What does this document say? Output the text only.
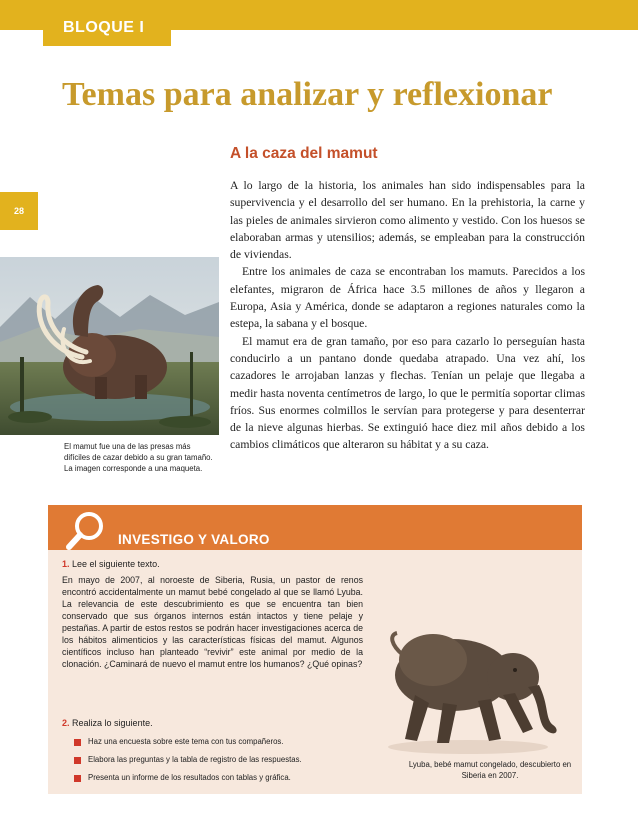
BLOQUE I
Temas para analizar y reflexionar
28
A la caza del mamut

A lo largo de la historia, los animales han sido indispensables para la supervivencia y el desarrollo del ser humano. En la prehistoria, la carne y las pieles de animales sirvieron como alimento y vestido. Con los huesos se elaboraban armas y utensilios; además, se empleaban para la construcción de viviendas.

Entre los animales de caza se encontraban los mamuts. Parecidos a los elefantes, migraron de África hace 3.5 millones de años y llegaron a Europa, Asia y América, donde se adaptaron a regiones naturales como la estepa, la sabana y el bosque.

El mamut era de gran tamaño, por eso para cazarlo lo perseguían hasta conducirlo a un pantano donde quedaba atrapado. Una vez ahí, los cazadores le arrojaban lanzas y flechas. Tenían un pelaje que llegaba a medir hasta noventa centímetros de largo, lo que le permitía soportar climas fríos. Sus enormes colmillos le servían para protegerse y para desenterrar de la nieve algunas hierbas. Se extinguió hace diez mil años debido a los cambios climáticos que alteraron su hábitat y a su caza.

El mamut fue una de las presas más difíciles de cazar debido a su gran tamaño. La imagen corresponde a una maqueta.
INVESTIGO Y VALORO
1. Lee el siguiente texto.
En mayo de 2007, al noroeste de Siberia, Rusia, un pastor de renos encontró accidentalmente un mamut bebé congelado al que se llamó Lyuba. La relevancia de este descubrimiento es que se encuentra tan bien conservado que sus órganos internos están intactos y tiene pelaje y pestañas. A partir de estos restos se podrán hacer investigaciones acerca de los hábitos alimenticios y las características físicas del mamut. Algunos científicos incluso han planteado “revivir” este animal por medio de la clonación. ¿Caminará de nuevo el mamut entre los humanos? ¿Qué opinas?
2. Realiza lo siguiente.
Haz una encuesta sobre este tema con tus compañeros.
Elabora las preguntas y la tabla de registro de las respuestas.
Presenta un informe de los resultados con tablas y gráfica.
Lyuba, bebé mamut congelado, descubierto en Siberia en 2007.
